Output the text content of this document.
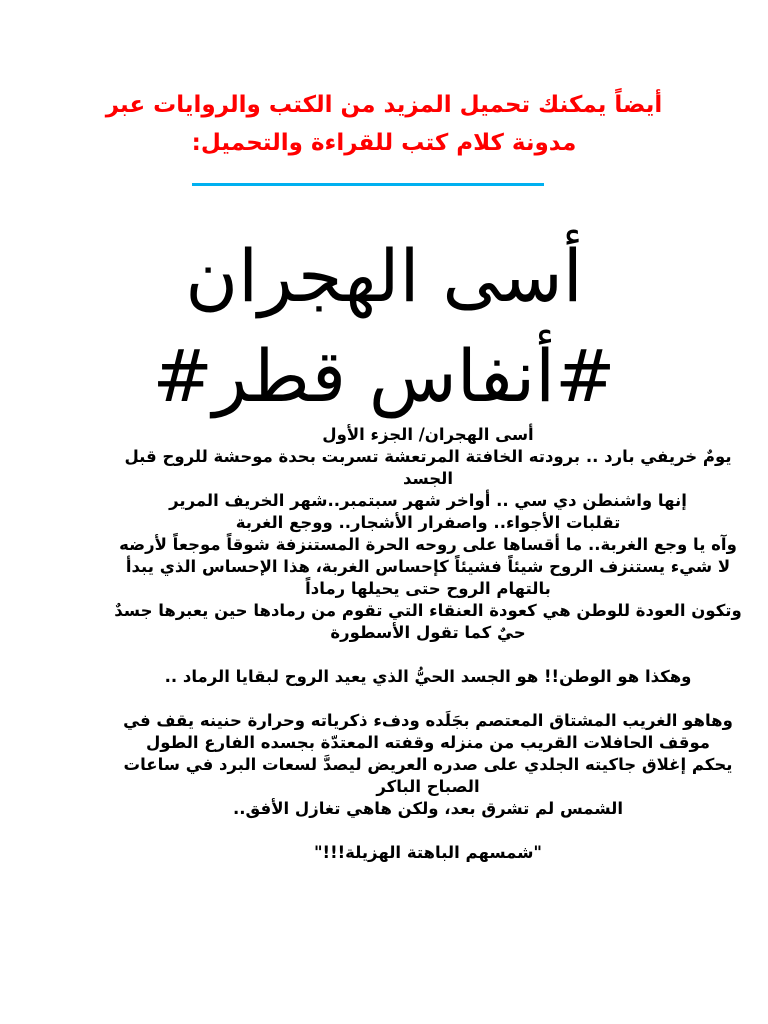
أيضاً يمكنك تحميل المزيد من الكتب والروايات عبر
مدونة كلام كتب للقراءة والتحميل:
أسى الهجران
#أنفاس قطر#

أسى الهجران/ الجزء الأول

يومٌ خريفي بارد .. برودته الخافتة المرتعشة تسربت بحدة موحشة للروح قبل الجسد

إنها واشنطن دي سي .. أواخر شهر سبتمبر..شهر الخريف المرير

تقلبات الأجواء.. واصفرار الأشجار.. ووجع الغربة

وآه يا وجع الغربة.. ما أقساها على روحه الحرة المستنزفة شوقاً موجعاً لأرضه

لا شيء يستنزف الروح شيئاً فشيئاً كإحساس الغربة، هذا الإحساس الذي يبدأ بالتهام الروح حتى يحيلها رماداً

وتكون العودة للوطن هي كعودة العنقاء التي تقوم من رمادها حين يعبرها جسدٌ حيٌ كما تقول الأسطورة

وهكذا هو الوطن!! هو الجسد الحيُّ الذي يعيد الروح لبقايا الرماد ..

وهاهو الغريب المشتاق المعتصم بجَلَده ودفء ذكرياته وحرارة حنينه يقف في موقف الحافلات القريب من منزله وقفته المعتدّة بجسده الفارع الطول

يحكم إغلاق جاكيته الجلدي على صدره العريض ليصدَّ لسعات البرد في ساعات الصباح الباكر

الشمس لم تشرق بعد، ولكن هاهي تغازل الأفق..

"شمسهم الباهتة الهزيلة!!!"
